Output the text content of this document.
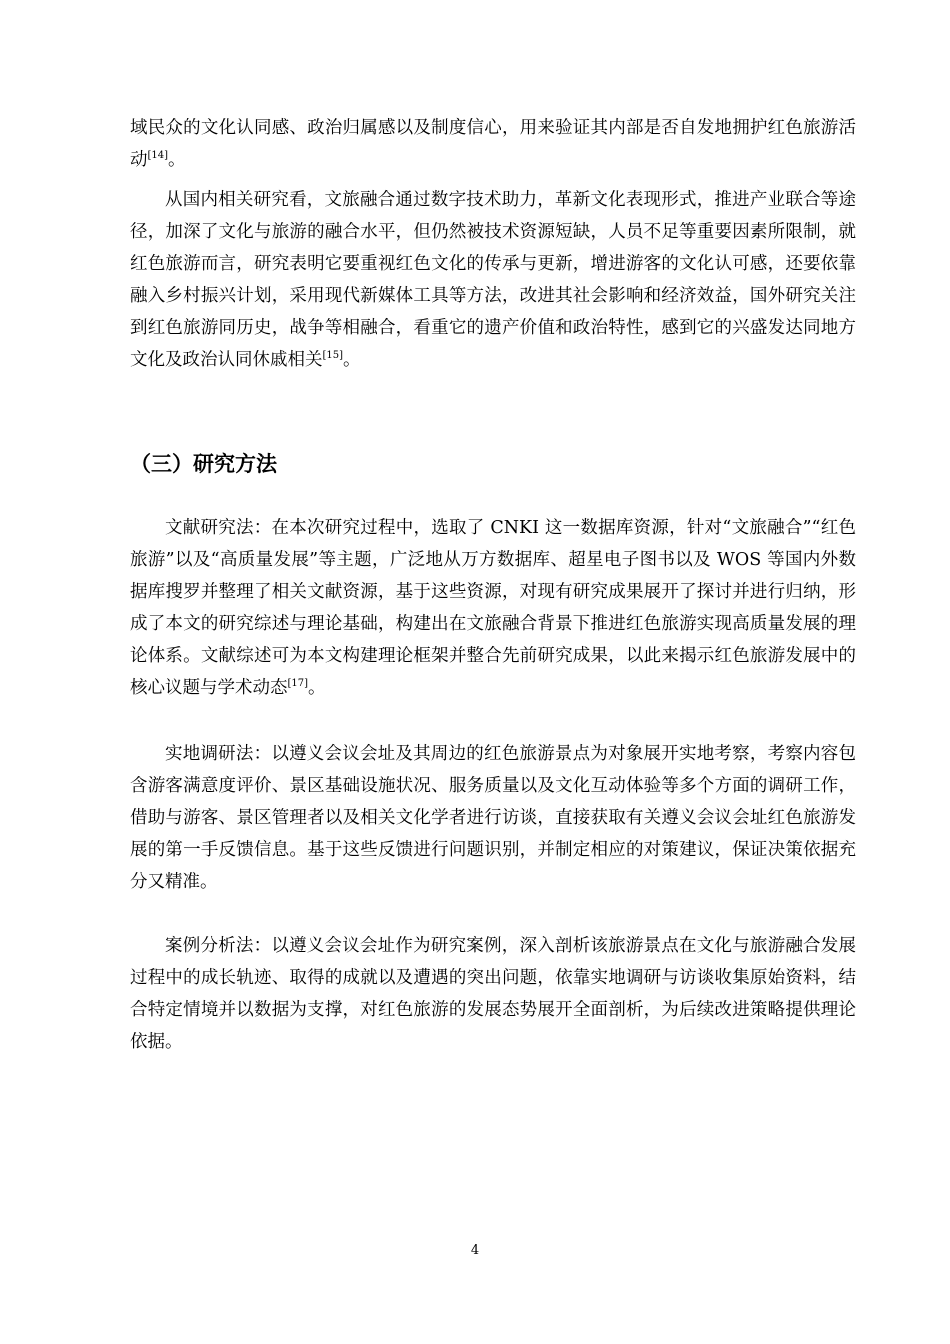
域民众的文化认同感、政治归属感以及制度信心，用来验证其内部是否自发地拥护红色旅游活动[14]。

从国内相关研究看，文旅融合通过数字技术助力，革新文化表现形式，推进产业联合等途径，加深了文化与旅游的融合水平，但仍然被技术资源短缺，人员不足等重要因素所限制，就红色旅游而言，研究表明它要重视红色文化的传承与更新，增进游客的文化认可感，还要依靠融入乡村振兴计划，采用现代新媒体工具等方法，改进其社会影响和经济效益，国外研究关注到红色旅游同历史，战争等相融合，看重它的遗产价值和政治特性，感到它的兴盛发达同地方文化及政治认同休戚相关[15]。

（三）研究方法

文献研究法：在本次研究过程中，选取了 CNKI 这一数据库资源，针对“文旅融合”“红色旅游”以及“高质量发展”等主题，广泛地从万方数据库、超星电子图书以及 WOS 等国内外数据库搜罗并整理了相关文献资源，基于这些资源，对现有研究成果展开了探讨并进行归纳，形成了本文的研究综述与理论基础，构建出在文旅融合背景下推进红色旅游实现高质量发展的理论体系。文献综述可为本文构建理论框架并整合先前研究成果，以此来揭示红色旅游发展中的核心议题与学术动态[17]。

实地调研法：以遵义会议会址及其周边的红色旅游景点为对象展开实地考察，考察内容包含游客满意度评价、景区基础设施状况、服务质量以及文化互动体验等多个方面的调研工作，借助与游客、景区管理者以及相关文化学者进行访谈，直接获取有关遵义会议会址红色旅游发展的第一手反馈信息。基于这些反馈进行问题识别，并制定相应的对策建议，保证决策依据充分又精准。

案例分析法：以遵义会议会址作为研究案例，深入剖析该旅游景点在文化与旅游融合发展过程中的成长轨迹、取得的成就以及遭遇的突出问题，依靠实地调研与访谈收集原始资料，结合特定情境并以数据为支撑，对红色旅游的发展态势展开全面剖析，为后续改进策略提供理论依据。

4
